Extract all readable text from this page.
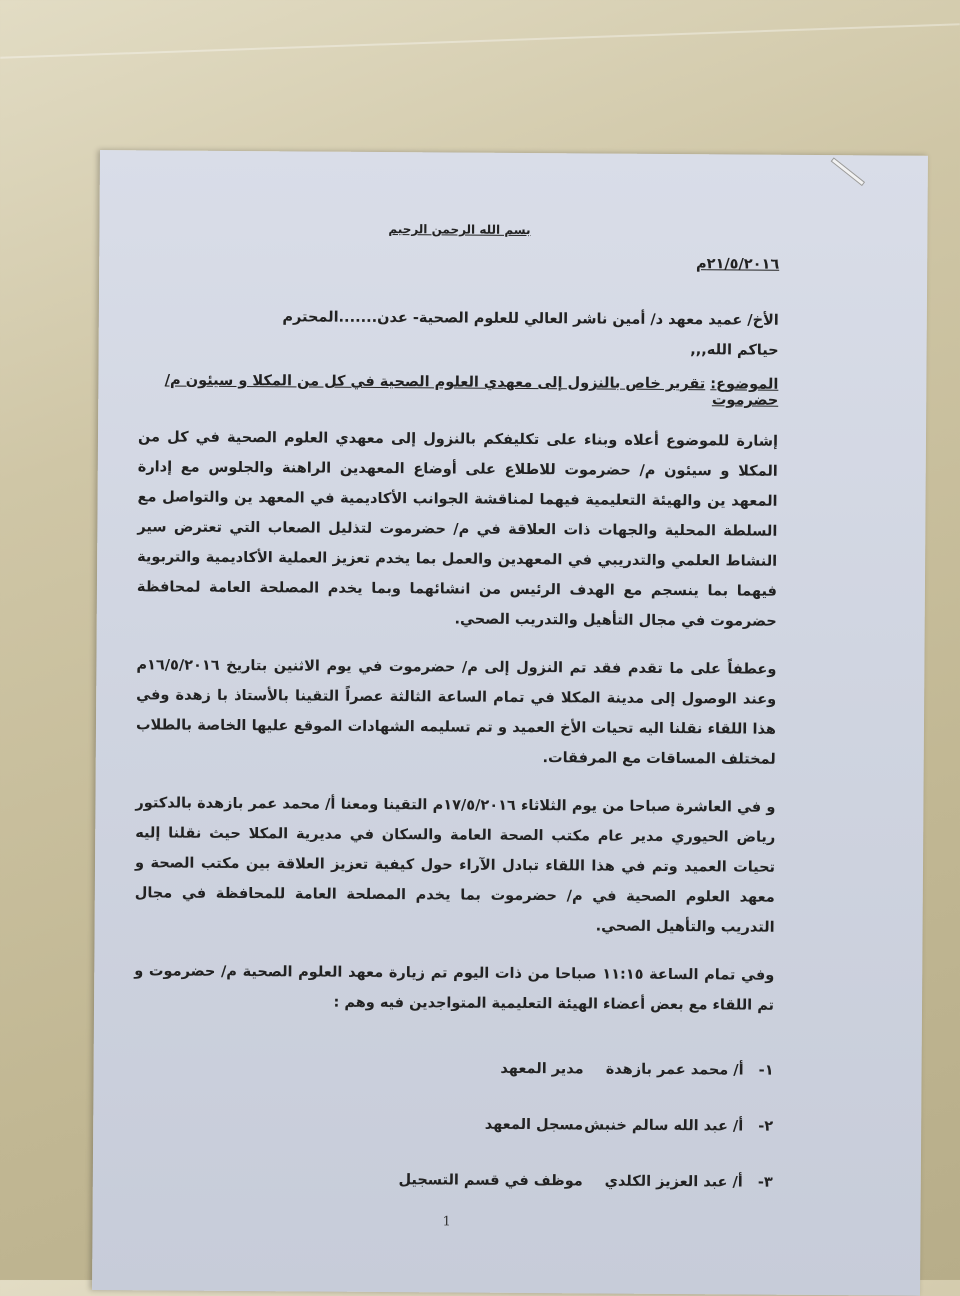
بسم الله الرحمن الرحيم
٢١/٥/٢٠١٦م
الأخ/ عميد معهد د/ أمين ناشر العالي للعلوم الصحية- عدن.......المحترم
حياكم الله,,,
الموضوع: تقرير خاص بالنزول إلى معهدي العلوم الصحية في كل من المكلا و سيئون م/ حضرموت
إشارة للموضوع أعلاه وبناء على تكليفكم بالنزول إلى معهدي العلوم الصحية في كل من المكلا و سيئون م/ حضرموت للاطلاع على أوضاع المعهدين الراهنة والجلوس مع إدارة المعهد ين والهيئة التعليمية فيهما لمناقشة الجوانب الأكاديمية في المعهد ين والتواصل مع السلطة المحلية والجهات ذات العلاقة في م/ حضرموت لتذليل الصعاب التي تعترض سير النشاط العلمي والتدريبي في المعهدين والعمل بما يخدم تعزيز العملية الأكاديمية والتربوية فيهما بما ينسجم مع الهدف الرئيس من انشائهما وبما يخدم المصلحة العامة لمحافظة حضرموت في مجال التأهيل والتدريب الصحي.
وعطفاً على ما تقدم فقد تم النزول إلى م/ حضرموت في يوم الاثنين بتاريخ ١٦/٥/٢٠١٦م وعند الوصول إلى مدينة المكلا في تمام الساعة الثالثة عصراً التقينا بالأستاذ با زهدة وفي هذا اللقاء نقلنا اليه تحيات الأخ العميد و تم تسليمه الشهادات الموقع عليها الخاصة بالطلاب لمختلف المساقات مع المرفقات.
و في العاشرة صباحا من يوم الثلاثاء ١٧/٥/٢٠١٦م التقينا ومعنا أ/ محمد عمر بازهدة بالدكتور رياض الحيوري مدير عام مكتب الصحة العامة والسكان في مديرية المكلا حيث نقلنا إليه تحيات العميد وتم في هذا اللقاء تبادل الآراء حول كيفية تعزيز العلاقة بين مكتب الصحة و معهد العلوم الصحية في م/ حضرموت بما يخدم المصلحة العامة للمحافظة في مجال التدريب والتأهيل الصحي.
وفي تمام الساعة ١١:١٥ صباحا من ذات اليوم تم زيارة معهد العلوم الصحية م/ حضرموت و تم اللقاء مع بعض أعضاء الهيئة التعليمية المتواجدين فيه وهم :
١-
أ/ محمد عمر بازهدة
مدير المعهد
٢-
أ/ عبد الله سالم خنبش
مسجل المعهد
٣-
أ/ عبد العزيز الكلدي
موظف في قسم التسجيل
1
